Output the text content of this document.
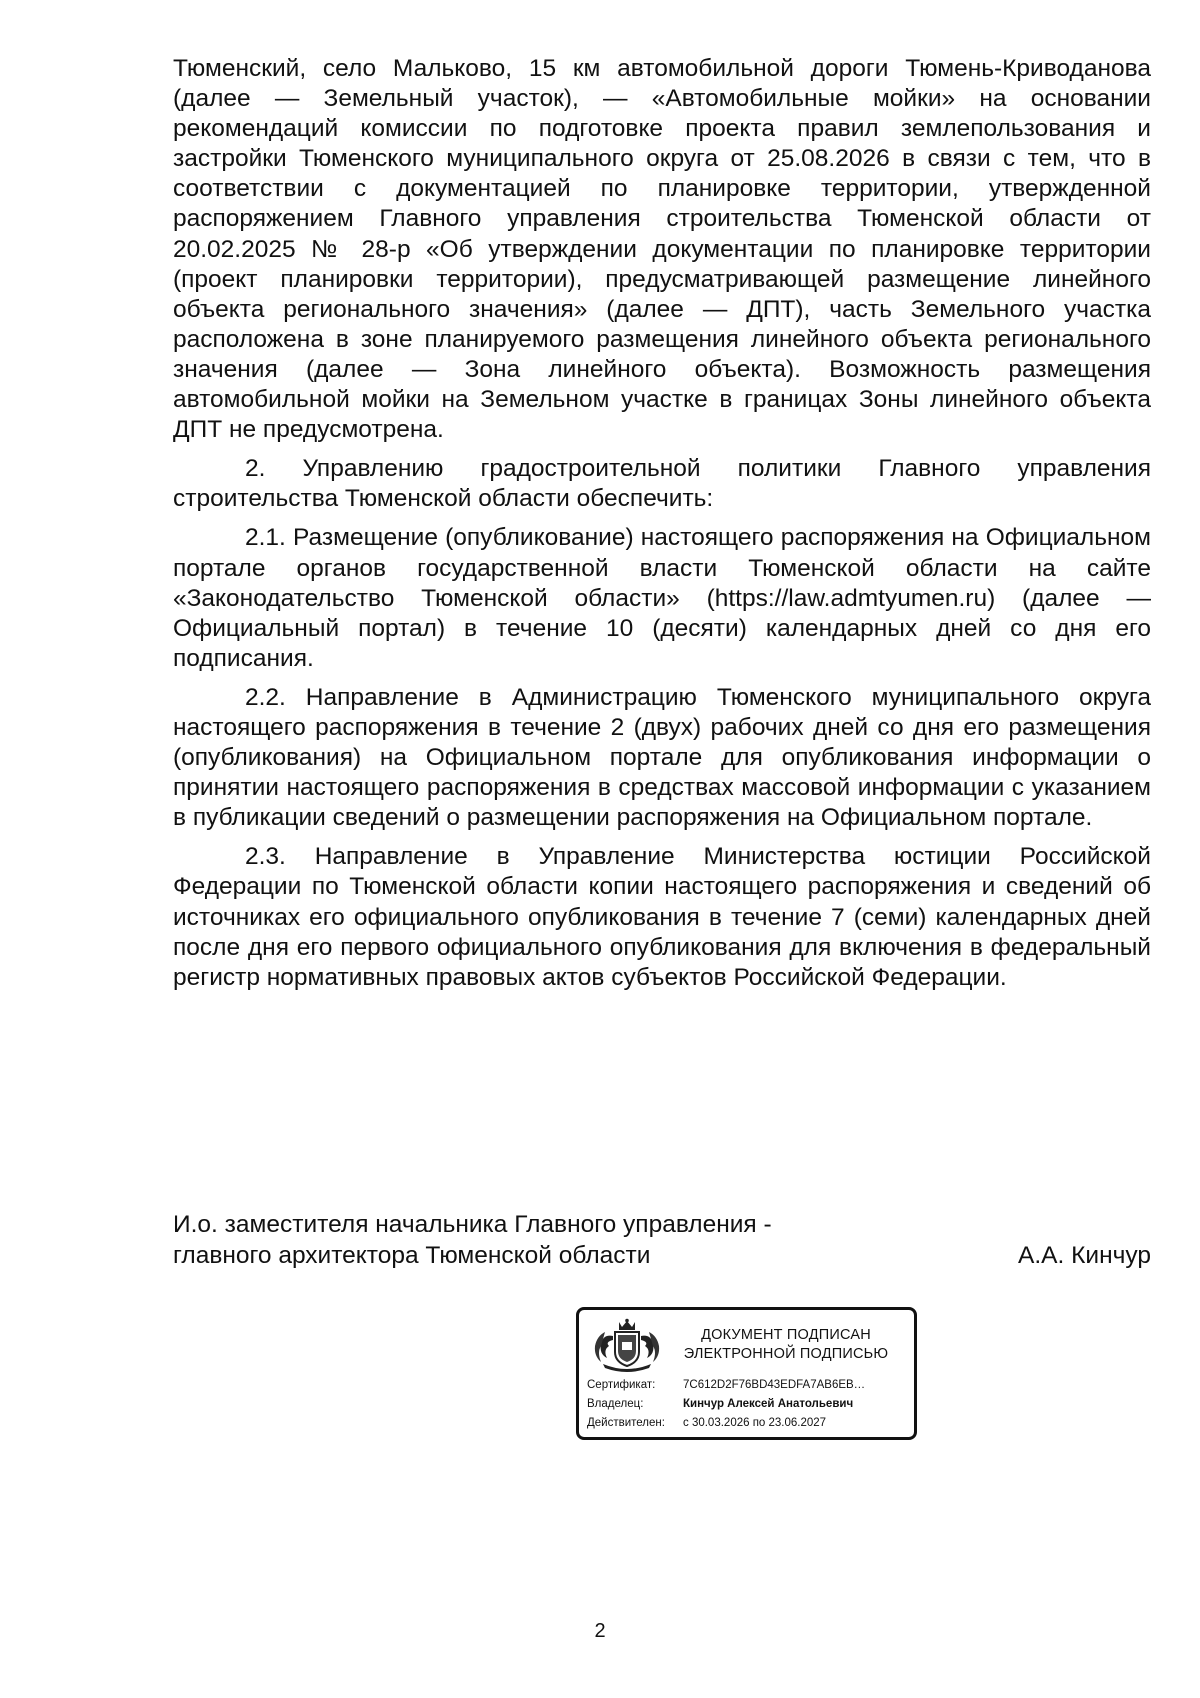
Тюменский, село Мальково, 15 км автомобильной дороги Тюмень-Криводанова (далее — Земельный участок), — «Автомобильные мойки» на основании рекомендаций комиссии по подготовке проекта правил землепользования и застройки Тюменского муниципального округа от 25.08.2026 в связи с тем, что в соответствии с документацией по планировке территории, утвержденной распоряжением Главного управления строительства Тюменской области от 20.02.2025 № 28-р «Об утверждении документации по планировке территории (проект планировки территории), предусматривающей размещение линейного объекта регионального значения» (далее — ДПТ), часть Земельного участка расположена в зоне планируемого размещения линейного объекта регионального значения (далее — Зона линейного объекта). Возможность размещения автомобильной мойки на Земельном участке в границах Зоны линейного объекта ДПТ не предусмотрена.

2. Управлению градостроительной политики Главного управления строительства Тюменской области обеспечить:

2.1. Размещение (опубликование) настоящего распоряжения на Официальном портале органов государственной власти Тюменской области на сайте «Законодательство Тюменской области» (https://law.admtyumen.ru) (далее — Официальный портал) в течение 10 (десяти) календарных дней со дня его подписания.

2.2. Направление в Администрацию Тюменского муниципального округа настоящего распоряжения в течение 2 (двух) рабочих дней со дня его размещения (опубликования) на Официальном портале для опубликования информации о принятии настоящего распоряжения в средствах массовой информации с указанием в публикации сведений о размещении распоряжения на Официальном портале.

2.3. Направление в Управление Министерства юстиции Российской Федерации по Тюменской области копии настоящего распоряжения и сведений об источниках его официального опубликования в течение 7 (семи) календарных дней после дня его первого официального опубликования для включения в федеральный регистр нормативных правовых актов субъектов Российской Федерации.

И.о. заместителя начальника Главного управления -
главного архитектора Тюменской области	А.А. Кинчур
ДОКУМЕНТ ПОДПИСАН
ЭЛЕКТРОННОЙ ПОДПИСЬЮ
Сертификат: 7C612D2F76BD43EDFA7AB6EB…
Владелец:	Кинчур Алексей Анатольевич
Действителен: с 30.03.2026 по 23.06.2027
2
